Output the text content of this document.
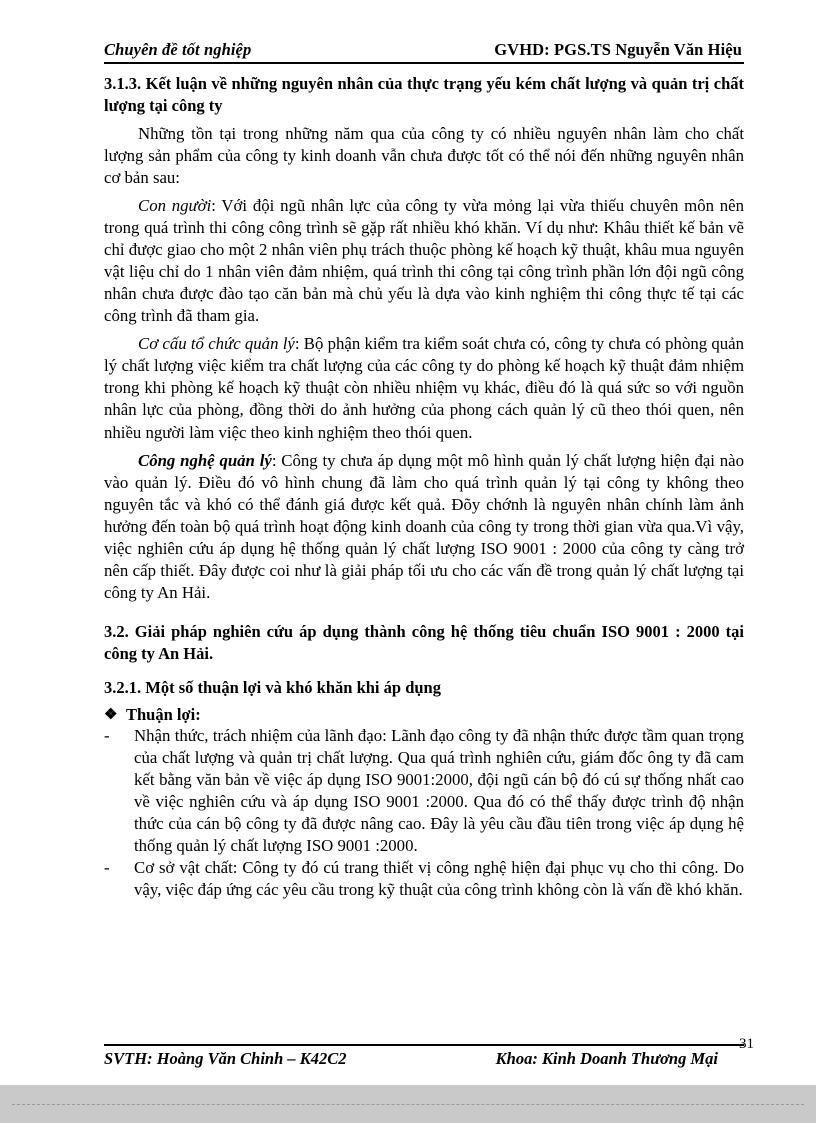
Chuyên đề tốt nghiệp	GVHD: PGS.TS Nguyễn Văn Hiệu
3.1.3. Kết luận về những nguyên nhân của thực trạng yếu kém chất lượng và quản trị chất lượng tại công ty

Những tồn tại trong những năm qua của công ty có nhiều nguyên nhân làm cho chất lượng sản phẩm của công ty kinh doanh vẫn chưa được tốt có thể nói đến những nguyên nhân cơ bản sau:

Con người: Với đội ngũ nhân lực của công ty vừa mỏng lại vừa thiếu chuyên môn nên trong quá trình thi công công trình sẽ gặp rất nhiều khó khăn. Ví dụ như: Khâu thiết kế bản vẽ chỉ được giao cho một 2 nhân viên phụ trách thuộc phòng kế hoạch kỹ thuật, khâu mua nguyên vật liệu chỉ do 1 nhân viên đảm nhiệm, quá trình thi công tại công trình phần lớn đội ngũ công nhân chưa được đào tạo căn bản mà chủ yếu là dựa vào kinh nghiệm thi công thực tế tại các công trình đã tham gia.

Cơ cấu tổ chức quản lý: Bộ phận kiểm tra kiểm soát chưa có, công ty chưa có phòng quản lý chất lượng việc kiểm tra chất lượng của các công ty do phòng kế hoạch kỹ thuật đảm nhiệm trong khi phòng kế hoạch kỹ thuật còn nhiều nhiệm vụ khác, điều đó là quá sức so với nguồn nhân lực của phòng, đồng thời do ảnh hưởng của phong cách quản lý cũ theo thói quen, nên nhiều người làm việc theo kinh nghiệm theo thói quen.

Công nghệ quản lý: Công ty chưa áp dụng một mô hình quản lý chất lượng hiện đại nào vào quản lý. Điều đó vô hình chung đã làm cho quá trình quản lý tại công ty không theo nguyên tắc và khó có thể đánh giá được kết quả. Đõy chớnh là nguyên nhân chính làm ảnh hưởng đến toàn bộ quá trình hoạt động kinh doanh của công ty trong thời gian vừa qua.Vì vậy, việc nghiên cứu áp dụng hệ thống quản lý chất lượng ISO 9001 : 2000 của công ty càng trở nên cấp thiết. Đây được coi như là giải pháp tối ưu cho các vấn đề trong quản lý chất lượng tại công ty An Hải.

3.2. Giải pháp nghiên cứu áp dụng thành công hệ thống tiêu chuẩn ISO 9001 : 2000 tại công ty An Hải.
3.2.1. Một số thuận lợi và khó khăn khi áp dụng
❖ Thuận lợi:
-	Nhận thức, trách nhiệm của lãnh đạo: Lãnh đạo công ty đã nhận thức được tầm quan trọng của chất lượng và quản trị chất lượng. Qua quá trình nghiên cứu, giám đốc ông ty đã cam kết bằng văn bản về việc áp dụng ISO 9001:2000, đội ngũ cán bộ đó cú sự thống nhất cao về việc nghiên cứu và áp dụng ISO 9001 :2000. Qua đó có thể thấy được trình độ nhận thức của cán bộ công ty đã được nâng cao. Đây là yêu cầu đầu tiên trong việc áp dụng hệ thống quản lý chất lượng ISO 9001 :2000.
-	Cơ sở vật chất: Công ty đó cú trang thiết vị công nghệ hiện đại phục vụ cho thi công. Do vậy, việc đáp ứng các yêu cầu trong kỹ thuật của công trình không còn là vấn đề khó khăn.
31
SVTH: Hoàng Văn Chinh – K42C2	Khoa: Kinh Doanh Thương Mại
